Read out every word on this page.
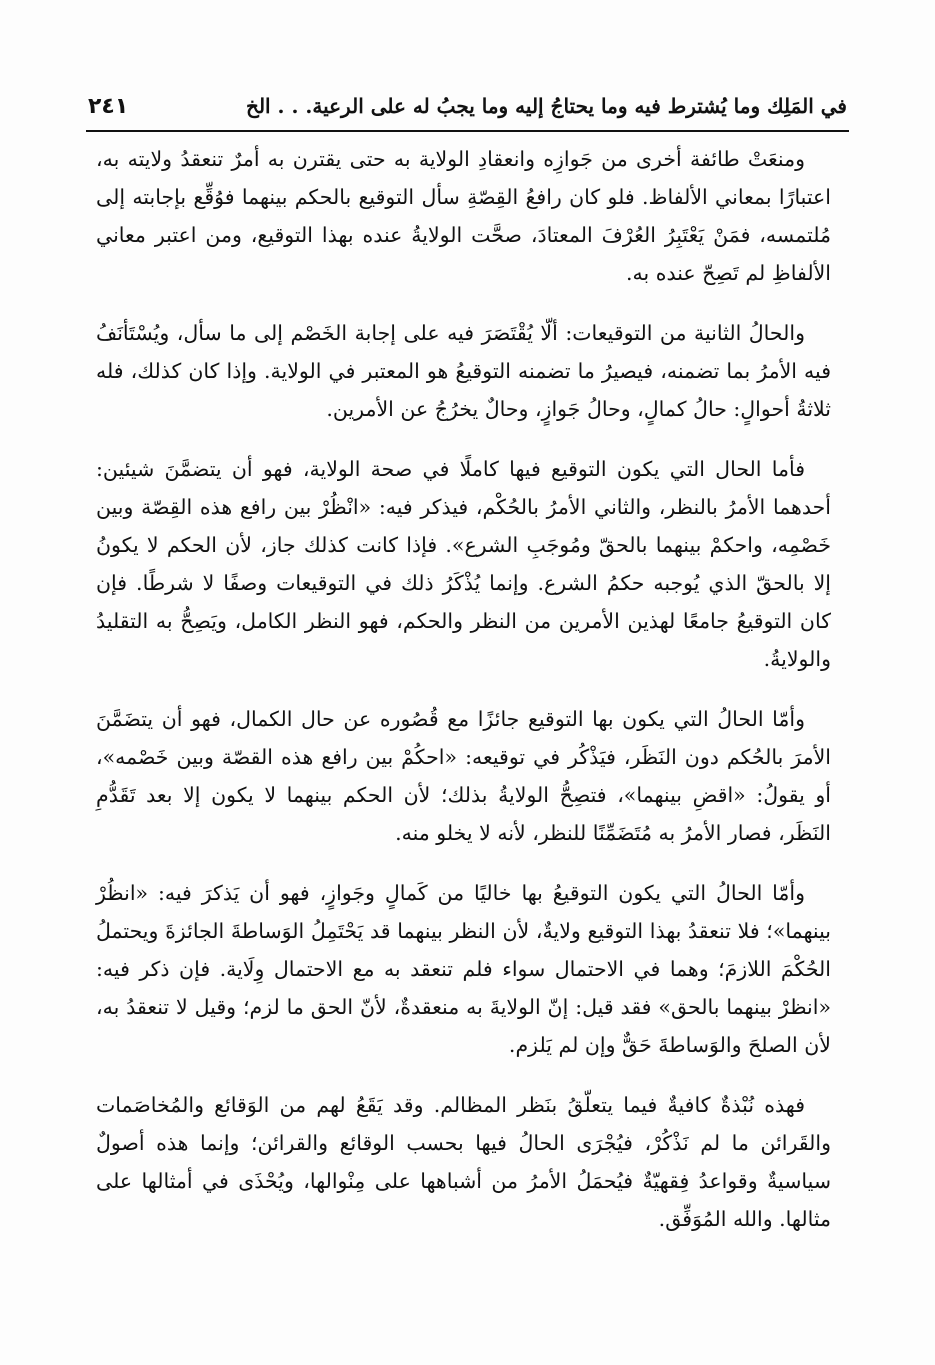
في المَلِك وما يُشترط فيه وما يحتاجُ إليه وما يجبُ له على الرعية. . . الخ
٢٤١

ومنعَتْ طائفة أخرى من جَوازِه وانعقادِ الولاية به حتى يقترن به أمرٌ تنعقدُ ولايته به، اعتبارًا بمعاني الألفاظ. فلو كان رافعُ القِصّةِ سأل التوقيع بالحكم بينهما فوُقِّع بإجابته إلى مُلتمسه، فمَنْ يَعْتَبِرُ العُرْفَ المعتادَ، صحَّت الولايةُ عنده بهذا التوقيع، ومن اعتبر معاني الألفاظِ لم تَصِحّ عنده به.

والحالُ الثانية من التوقيعات: ألّا يُقْتَصَرَ فيه على إجابة الخَصْم إلى ما سأل، ويُسْتَأنَفُ فيه الأمرُ بما تضمنه، فيصيرُ ما تضمنه التوقيعُ هو المعتبر في الولاية. وإذا كان كذلك، فله ثلاثةُ أحوالٍ: حالُ كمالٍ، وحالُ جَوازٍ، وحالٌ يخرُجُ عن الأمرين.

فأما الحال التي يكون التوقيع فيها كاملًا في صحة الولاية، فهو أن يتضمَّنَ شيئين: أحدهما الأمرُ بالنظر، والثاني الأمرُ بالحُكْم، فيذكر فيه: «انْظُرْ بين رافع هذه القِصّة وبين خَصْمِه، واحكمْ بينهما بالحقّ ومُوجَبِ الشرع». فإذا كانت كذلك جاز، لأن الحكم لا يكونُ إلا بالحقّ الذي يُوجبه حكمُ الشرع. وإنما يُذْكَرُ ذلك في التوقيعات وصفًا لا شرطًا. فإن كان التوقيعُ جامعًا لهذين الأمرين من النظر والحكم، فهو النظر الكامل، ويَصِحُّ به التقليدُ والولايةُ.

وأمّا الحالُ التي يكون بها التوقيع جائزًا مع قُصُوره عن حال الكمال، فهو أن يتضَمَّنَ الأمرَ بالحُكم دون النَظَر، فيَذْكُر في توقيعه: «احكُمْ بين رافع هذه القصّة وبين خَصْمه»، أو يقولُ: «اقضِ بينهما»، فتصِحُّ الولايةُ بذلك؛ لأن الحكم بينهما لا يكون إلا بعد تَقَدُّمِ النَظَر، فصار الأمرُ به مُتَضَمِّنًا للنظر، لأنه لا يخلو منه.

وأمّا الحالُ التي يكون التوقيعُ بها خاليًا من كَمالٍ وجَوازٍ، فهو أن يَذكرَ فيه: «انظُرْ بينهما»؛ فلا تنعقدُ بهذا التوقيع ولايةٌ، لأن النظر بينهما قد يَحْتَمِلُ الوَساطةَ الجائزةَ ويحتملُ الحُكْمَ اللازمَ؛ وهما في الاحتمال سواء فلم تنعقد به مع الاحتمال وِلَاية. فإن ذكر فيه: «انظرْ بينهما بالحق» فقد قيل: إنّ الولايةَ به منعقدةٌ، لأنّ الحق ما لزم؛ وقيل لا تنعقدُ به، لأن الصلحَ والوَساطةَ حَقٌّ وإن لم يَلزم.

فهذه نُبْذةٌ كافيةٌ فيما يتعلّقُ بنَظر المظالم. وقد يَقَعُ لهم من الوَقائع والمُخاصَمات والقَرائن ما لم نَذْكُرْ، فيُجْرَى الحالُ فيها بحسب الوقائع والقرائن؛ وإنما هذه أصولٌ سياسيةٌ وقواعدُ فِقهيّةٌ فيُحمَلُ الأمرُ من أشباهها على مِنْوالها، ويُحْذَى في أمثالها على مثالها. والله المُوَفِّق.
